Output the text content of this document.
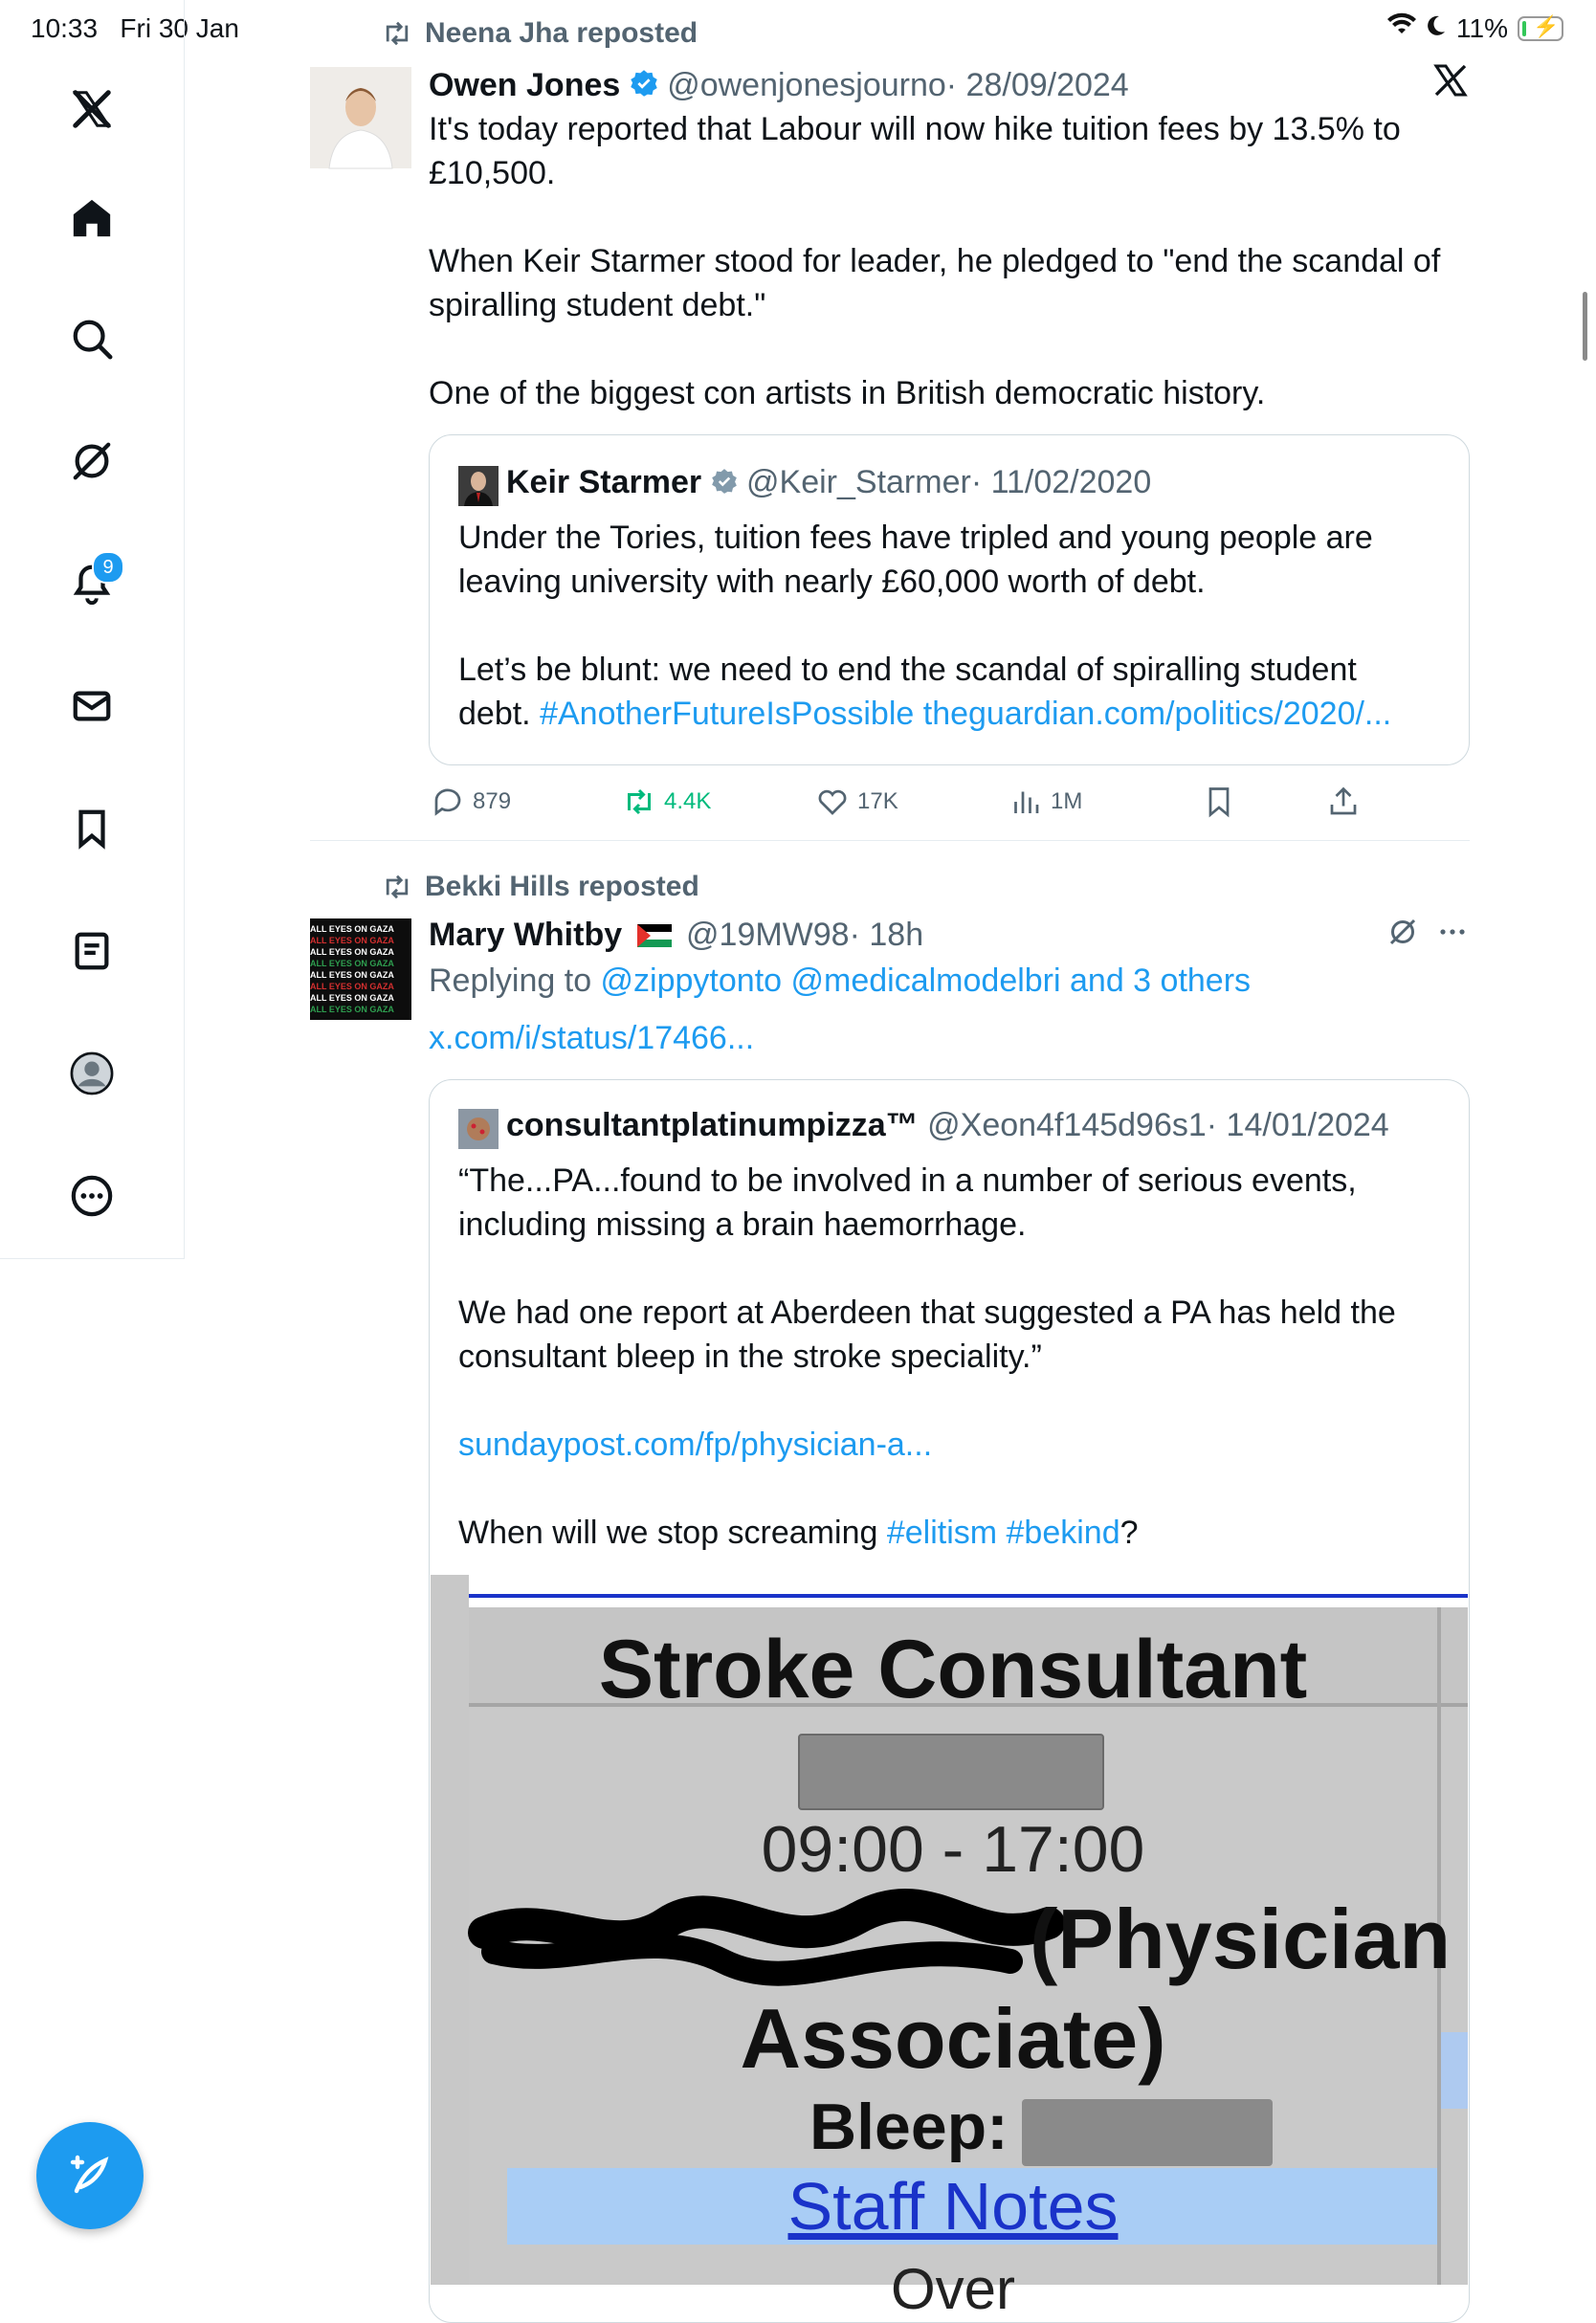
10:33 Fri 30 Jan	11% ⚡
9
Neena Jha reposted
Owen Jones @owenjonesjourno· 28/09/2024
It's today reported that Labour will now hike tuition fees by 13.5% to
£10,500.
When Keir Starmer stood for leader, he pledged to "end the scandal of
spiralling student debt."
One of the biggest con artists in British democratic history.
Keir Starmer @Keir_Starmer· 11/02/2020
Under the Tories, tuition fees have tripled and young people are
leaving university with nearly £60,000 worth of debt.
Let’s be blunt: we need to end the scandal of spiralling student
debt. #AnotherFutureIsPossible theguardian.com/politics/2020/...
879	4.4K	17K	1M
Bekki Hills reposted
ALL EYES ON GAZA
ALL EYES ON GAZA
ALL EYES ON GAZA
ALL EYES ON GAZA
ALL EYES ON GAZA
ALL EYES ON GAZA
ALL EYES ON GAZA
ALL EYES ON GAZA
Mary Whitby @19MW98· 18h
Replying to @zippytonto @medicalmodelbri and 3 others
x.com/i/status/17466...
consultantplatinumpizza™ @Xeon4f145d96s1· 14/01/2024
“The...PA...found to be involved in a number of serious events,
including missing a brain haemorrhage.
We had one report at Aberdeen that suggested a PA has held the
consultant bleep in the stroke speciality.”
sundaypost.com/fp/physician-a...
When will we stop screaming #elitism #bekind?
Stroke Consultant
09:00 - 17:00
(Physician
Associate)
Bleep:
Staff Notes
Over
